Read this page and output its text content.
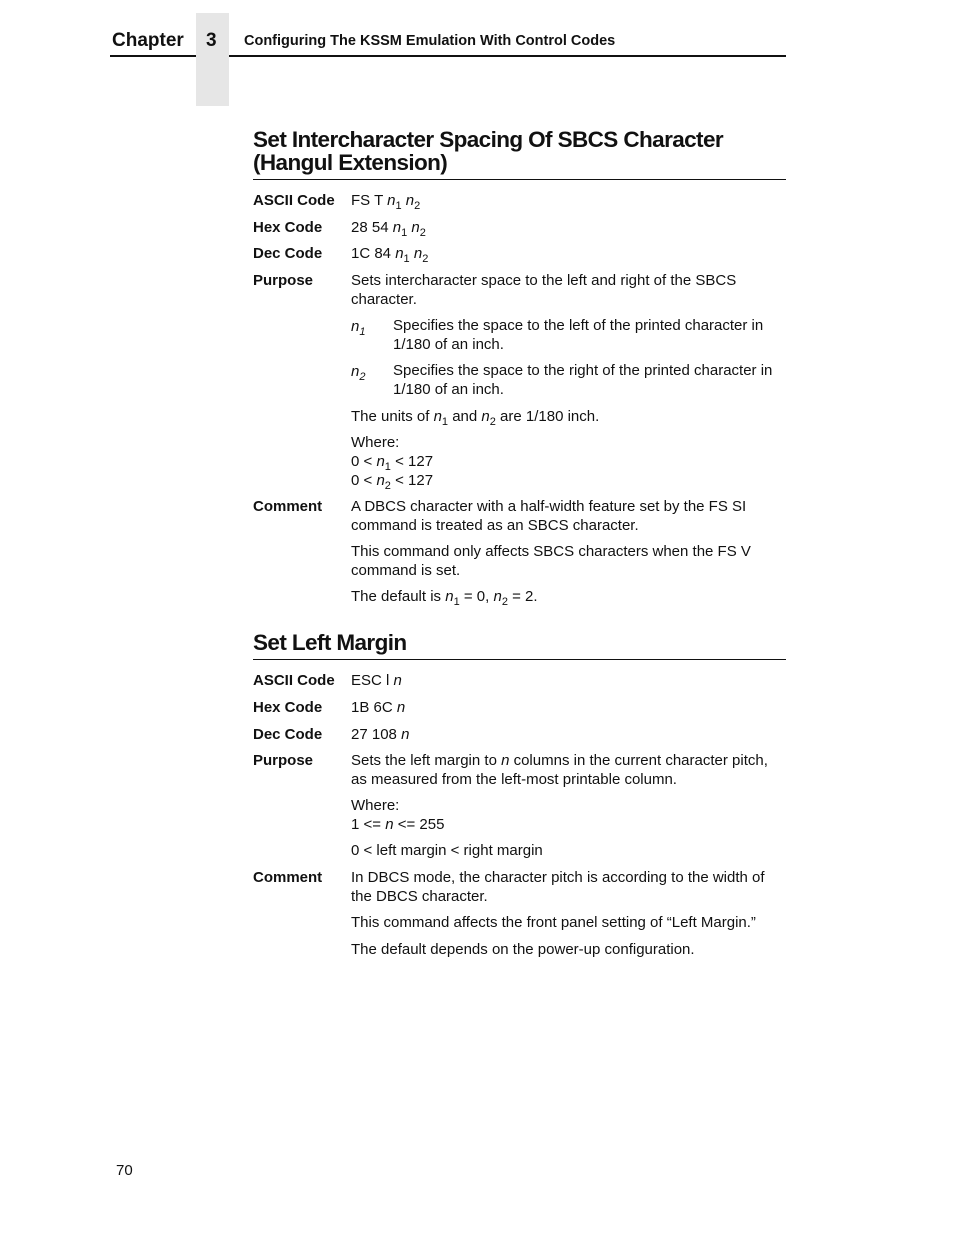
Chapter 3 Configuring The KSSM Emulation With Control Codes
Set Intercharacter Spacing Of SBCS Character
(Hangul Extension)
ASCII Code FS T $n_1$ $n_2$
Hex Code 28 54 $n_1$ $n_2$
Dec Code 1C 84 $n_1$ $n_2$
Purpose	Sets intercharacter space to the left and right of the SBCS
character.
$n_1$ Specifies the space to the left of the printed character in
1/180 of an inch.
$n_2$ Specifies the space to the right of the printed character in
1/180 of an inch.
The units of $n_1$ and $n_2$ are 1/180 inch.
Where:
$0 < n_1 < 127$
$0 < n_2 < 127$
Comment A DBCS character with a half-width feature set by the FS SI
command is treated as an SBCS character.
This command only affects SBCS characters when the FS V
command is set.
The default is $n_1 = 0$, $n_2 = 2$.
Set Left Margin
ASCII Code ESC l n
Hex Code 1B 6C n
Dec Code 27 108 n
Purpose	Sets the left margin to n columns in the current character pitch,
as measured from the left-most printable column.
Where:
1 <= n <= 255
0 < left margin < right margin
Comment In DBCS mode, the character pitch is according to the width of
the DBCS character.
This command affects the front panel setting of “Left Margin.”
The default depends on the power-up configuration.
70
